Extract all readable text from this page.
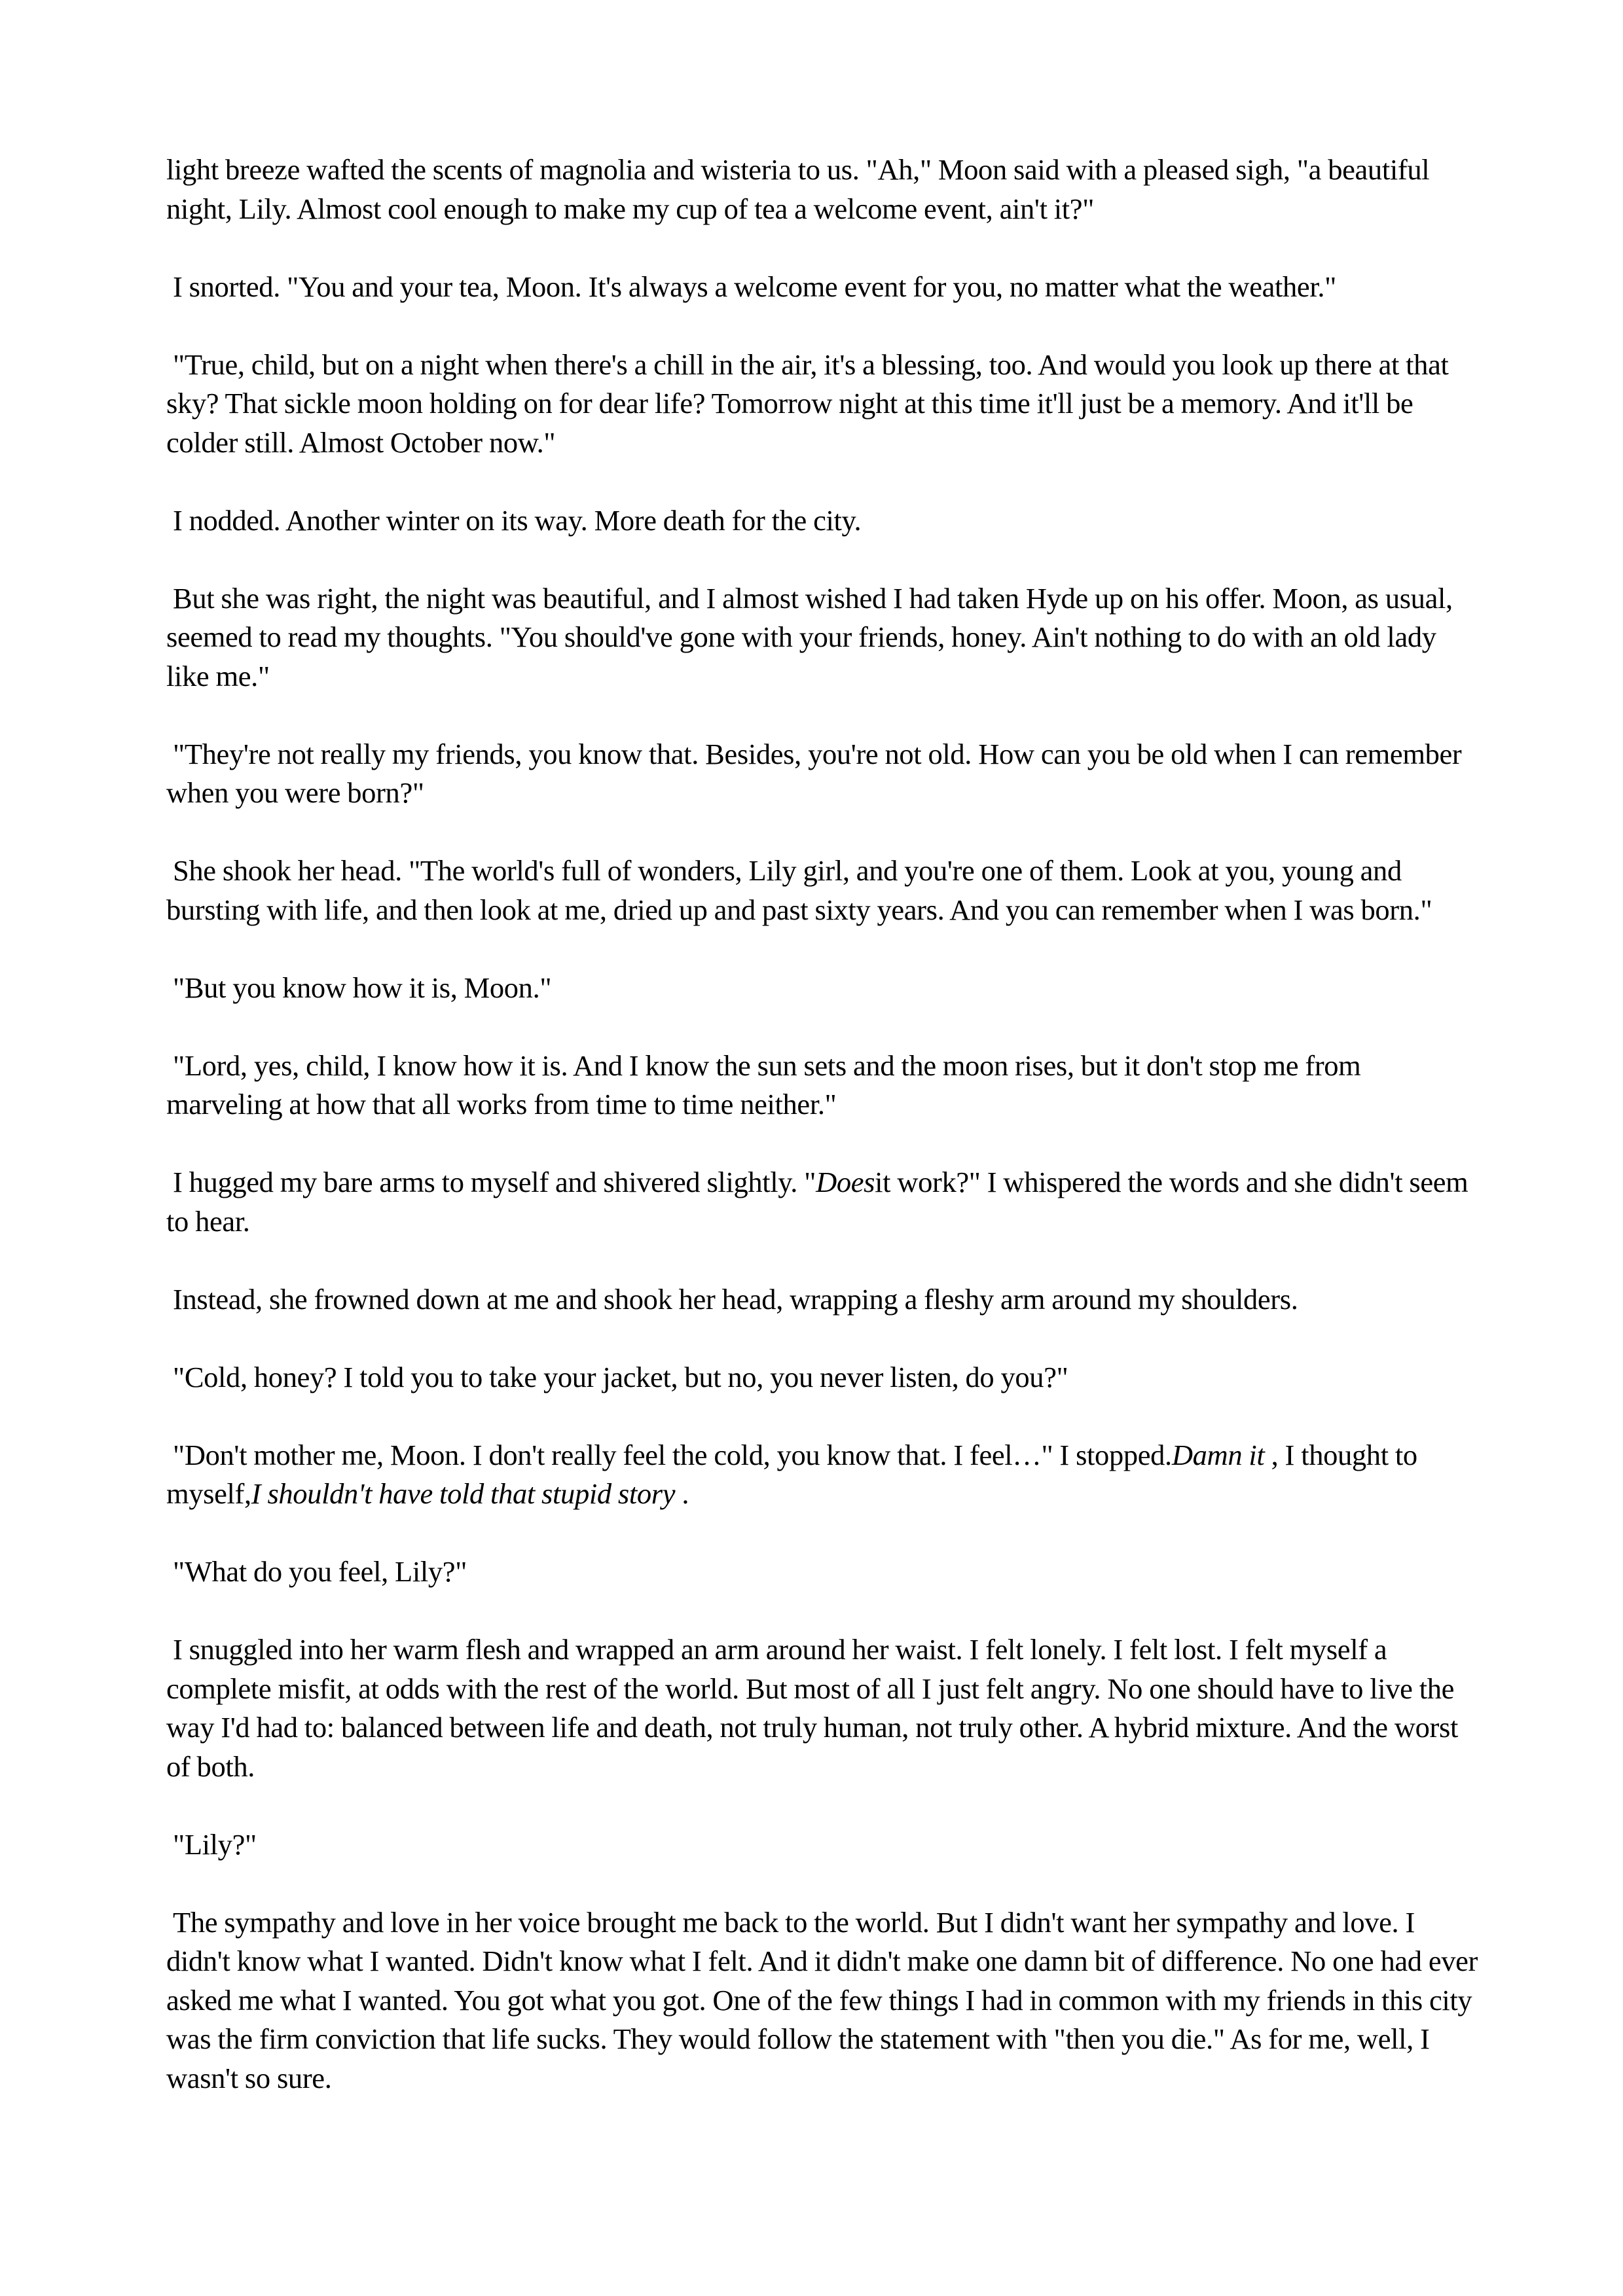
light breeze wafted the scents of magnolia and wisteria to us. "Ah," Moon said with a pleased sigh, "a beautiful night, Lily. Almost cool enough to make my cup of tea a welcome event, ain't it?"

I snorted. "You and your tea, Moon. It's always a welcome event for you, no matter what the weather."

"True, child, but on a night when there's a chill in the air, it's a blessing, too. And would you look up there at that sky? That sickle moon holding on for dear life? Tomorrow night at this time it'll just be a memory. And it'll be colder still. Almost October now."

I nodded. Another winter on its way. More death for the city.

But she was right, the night was beautiful, and I almost wished I had taken Hyde up on his offer. Moon, as usual, seemed to read my thoughts. "You should've gone with your friends, honey. Ain't nothing to do with an old lady like me."

"They're not really my friends, you know that. Besides, you're not old. How can you be old when I can remember when you were born?"

She shook her head. "The world's full of wonders, Lily girl, and you're one of them. Look at you, young and bursting with life, and then look at me, dried up and past sixty years. And you can remember when I was born."

"But you know how it is, Moon."

"Lord, yes, child, I know how it is. And I know the sun sets and the moon rises, but it don't stop me from marveling at how that all works from time to time neither."

I hugged my bare arms to myself and shivered slightly. "Doesit work?" I whispered the words and she didn't seem to hear.

Instead, she frowned down at me and shook her head, wrapping a fleshy arm around my shoulders.

"Cold, honey? I told you to take your jacket, but no, you never listen, do you?"

"Don't mother me, Moon. I don't really feel the cold, you know that. I feel…" I stopped.Damn it , I thought to myself,I shouldn't have told that stupid story .

"What do you feel, Lily?"

I snuggled into her warm flesh and wrapped an arm around her waist. I felt lonely. I felt lost. I felt myself a complete misfit, at odds with the rest of the world. But most of all I just felt angry. No one should have to live the way I'd had to: balanced between life and death, not truly human, not truly other. A hybrid mixture. And the worst of both.

"Lily?"

The sympathy and love in her voice brought me back to the world. But I didn't want her sympathy and love. I didn't know what I wanted. Didn't know what I felt. And it didn't make one damn bit of difference. No one had ever asked me what I wanted. You got what you got. One of the few things I had in common with my friends in this city was the firm conviction that life sucks. They would follow the statement with "then you die." As for me, well, I wasn't so sure.
